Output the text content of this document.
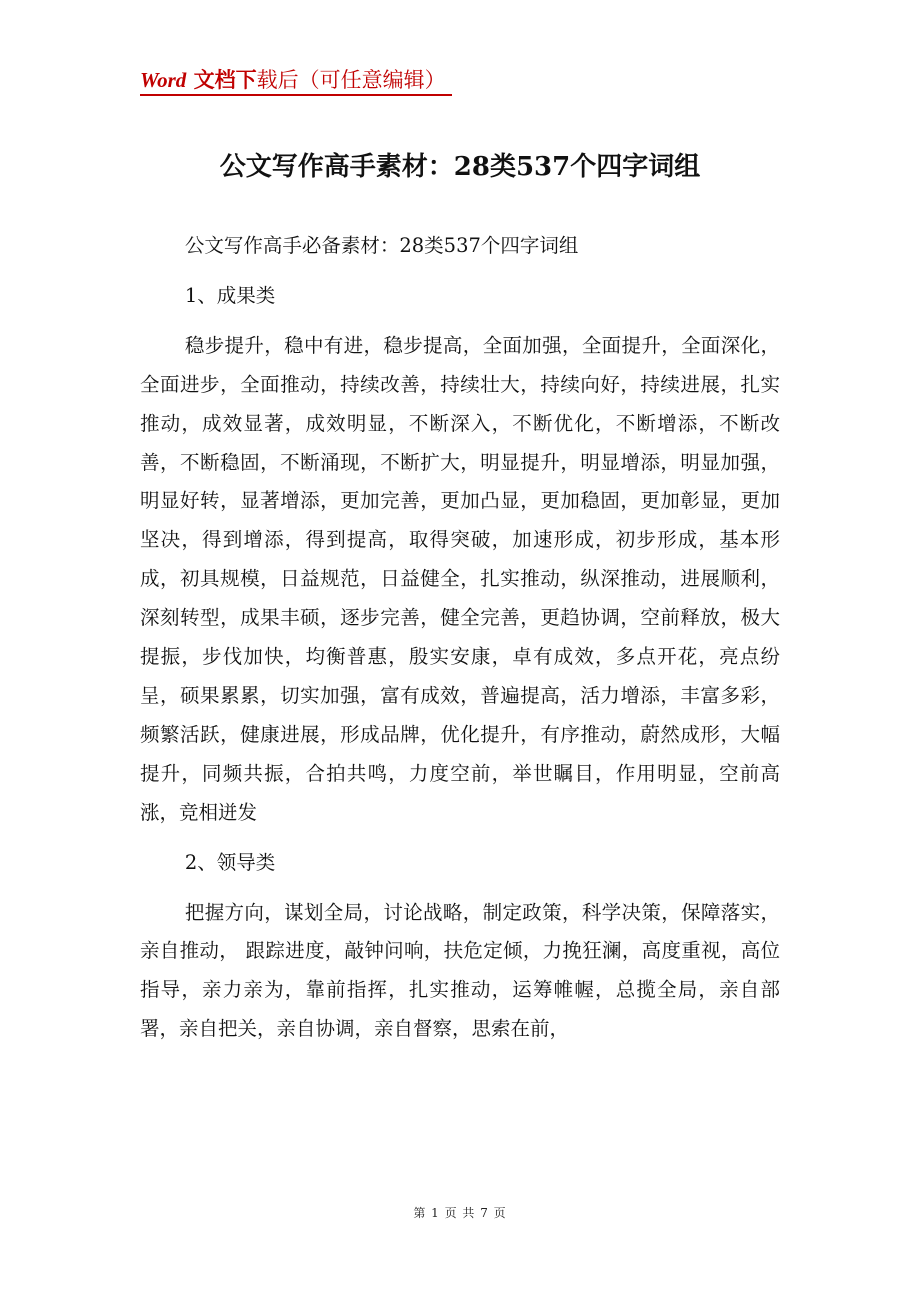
Word 文档下载后（可任意编辑）
公文写作高手素材：28类537个四字词组

公文写作高手必备素材：28类537个四字词组

1、成果类

稳步提升，稳中有进，稳步提高，全面加强，全面提升，全面深化，全面进步，全面推动，持续改善，持续壮大，持续向好，持续进展，扎实推动，成效显著，成效明显，不断深入，不断优化，不断增添，不断改善，不断稳固，不断涌现，不断扩大，明显提升，明显增添，明显加强，明显好转，显著增添，更加完善，更加凸显，更加稳固，更加彰显，更加坚决，得到增添，得到提高，取得突破，加速形成，初步形成，基本形成，初具规模，日益规范，日益健全，扎实推动，纵深推动，进展顺利，深刻转型，成果丰硕，逐步完善，健全完善，更趋协调，空前释放，极大提振，步伐加快，均衡普惠，殷实安康，卓有成效，多点开花，亮点纷呈，硕果累累，切实加强，富有成效，普遍提高，活力增添，丰富多彩，频繁活跃，健康进展，形成品牌，优化提升，有序推动，蔚然成形，大幅提升，同频共振，合拍共鸣，力度空前，举世瞩目，作用明显，空前高涨，竞相迸发

2、领导类

把握方向，谋划全局，讨论战略，制定政策，科学决策，保障落实，亲自推动， 跟踪进度，敲钟问响，扶危定倾，力挽狂澜，高度重视，高位指导，亲力亲为，靠前指挥，扎实推动，运筹帷幄，总揽全局，亲自部署，亲自把关，亲自协调，亲自督察，思索在前，

第 1 页 共 7 页
